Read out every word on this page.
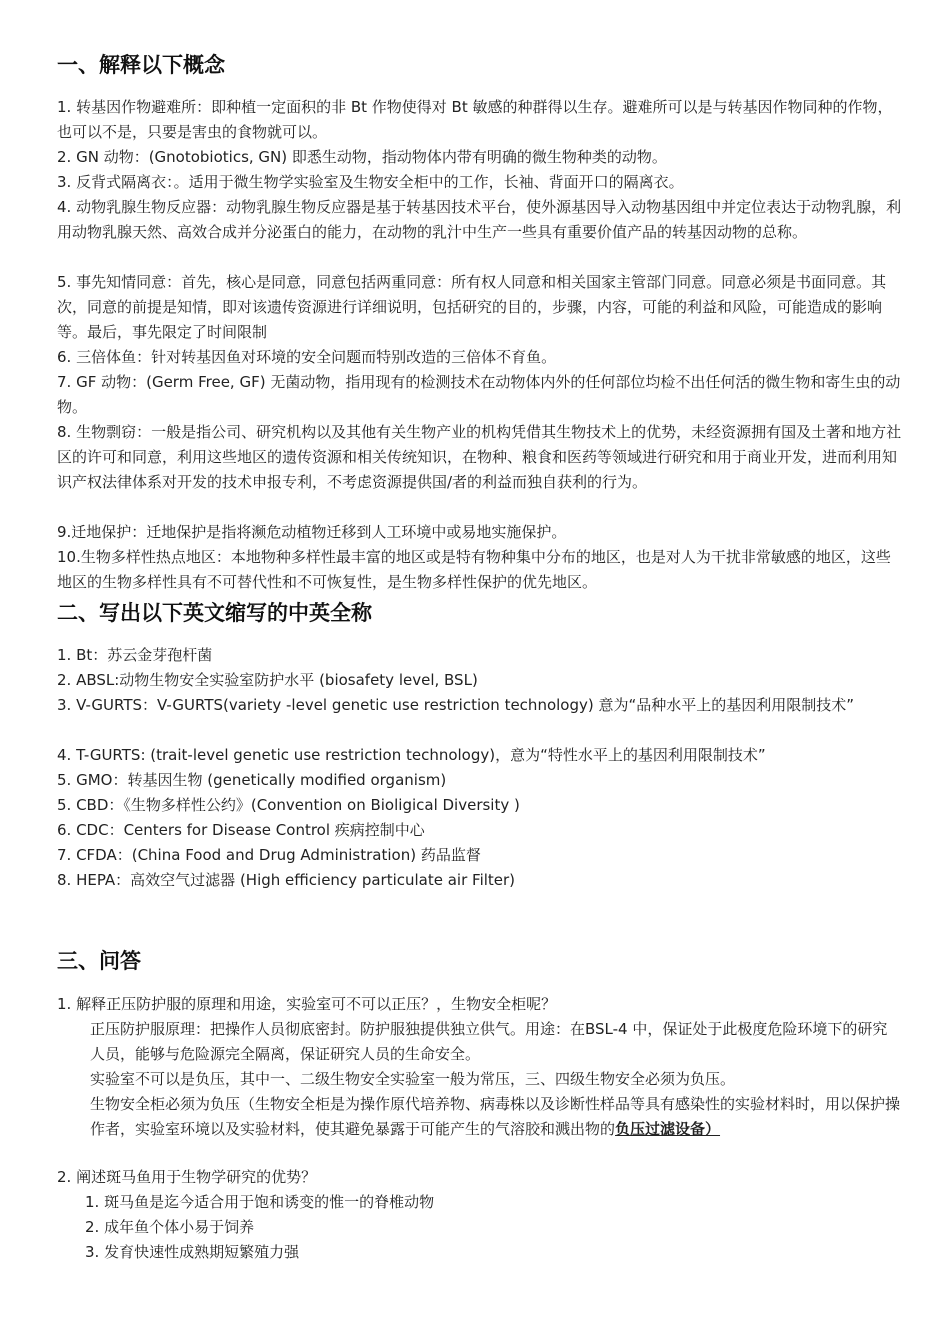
一、解释以下概念

1. 转基因作物避难所：即种植一定面积的非 Bt 作物使得对 Bt 敏感的种群得以生存。避难所可以是与转基因作物同种的作物，也可以不是，只要是害虫的食物就可以。

2. GN 动物：(Gnotobiotics, GN) 即悉生动物，指动物体内带有明确的微生物种类的动物。

3. 反背式隔离衣：。适用于微生物学实验室及生物安全柜中的工作，长袖、背面开口的隔离衣。

4. 动物乳腺生物反应器：动物乳腺生物反应器是基于转基因技术平台，使外源基因导入动物基因组中并定位表达于动物乳腺，利用动物乳腺天然、高效合成并分泌蛋白的能力，在动物的乳汁中生产一些具有重要价值产品的转基因动物的总称。

5. 事先知情同意：首先，核心是同意，同意包括两重同意：所有权人同意和相关国家主管部门同意。同意必须是书面同意。其次，同意的前提是知情，即对该遗传资源进行详细说明，包括研究的目的，步骤，内容，可能的利益和风险，可能造成的影响等。最后，事先限定了时间限制

6. 三倍体鱼：针对转基因鱼对环境的安全问题而特别改造的三倍体不育鱼。

7. GF 动物：(Germ Free, GF) 无菌动物，指用现有的检测技术在动物体内外的任何部位均检不出任何活的微生物和寄生虫的动物。

8. 生物剽窃：一般是指公司、研究机构以及其他有关生物产业的机构凭借其生物技术上的优势，未经资源拥有国及土著和地方社区的许可和同意，利用这些地区的遗传资源和相关传统知识，在物种、粮食和医药等领域进行研究和用于商业开发，进而利用知识产权法律体系对开发的技术申报专利，不考虑资源提供国/者的利益而独自获利的行为。

9.迁地保护：迁地保护是指将濒危动植物迁移到人工环境中或易地实施保护。

10.生物多样性热点地区：本地物种多样性最丰富的地区或是特有物种集中分布的地区，也是对人为干扰非常敏感的地区，这些地区的生物多样性具有不可替代性和不可恢复性，是生物多样性保护的优先地区。

二、写出以下英文缩写的中英全称

1. Bt：苏云金芽孢杆菌

2. ABSL:动物生物安全实验室防护水平 (biosafety level, BSL)

3. V-GURTS：V-GURTS(variety -level genetic use restriction technology) 意为“品种水平上的基因利用限制技术”

4. T-GURTS: (trait-level genetic use restriction technology)，意为“特性水平上的基因利用限制技术”

5. GMO：转基因生物 (genetically modified organism)

5. CBD：《生物多样性公约》(Convention on Bioligical Diversity )

6. CDC：Centers for Disease Control 疾病控制中心

7. CFDA：(China Food and Drug Administration) 药品监督

8. HEPA：高效空气过滤器 (High efficiency particulate air Filter)

三、问答

1. 解释正压防护服的原理和用途，实验室可不可以正压？，生物安全柜呢？

正压防护服原理：把操作人员彻底密封。防护服独提供独立供气。用途：在BSL-4 中，保证处于此极度危险环境下的研究人员，能够与危险源完全隔离，保证研究人员的生命安全。

实验室不可以是负压，其中一、二级生物安全实验室一般为常压，三、四级生物安全必须为负压。

生物安全柜必须为负压（生物安全柜是为操作原代培养物、病毒株以及诊断性样品等具有感染性的实验材料时，用以保护操作者，实验室环境以及实验材料，使其避免暴露于可能产生的气溶胶和溅出物的负压过滤设备）

2. 阐述斑马鱼用于生物学研究的优势？

1. 斑马鱼是迄今适合用于饱和诱变的惟一的脊椎动物

2. 成年鱼个体小易于饲养

3. 发育快速性成熟期短繁殖力强
